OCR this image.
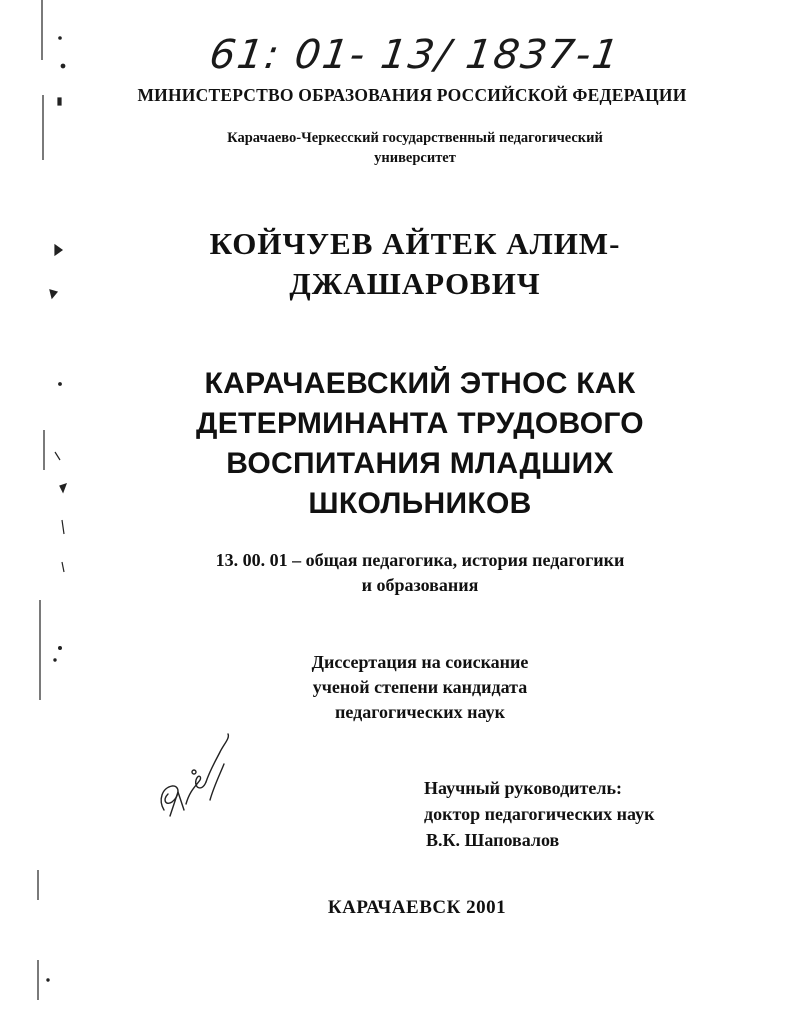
61: 01- 13/ 1837-1
МИНИСТЕРСТВО ОБРАЗОВАНИЯ РОССИЙСКОЙ ФЕДЕРАЦИИ
Карачаево-Черкесский государственный педагогический
университет
КОЙЧУЕВ АЙТЕК АЛИМ-
ДЖАШАРОВИЧ
КАРАЧАЕВСКИЙ ЭТНОС КАК
ДЕТЕРМИНАНТА ТРУДОВОГО
ВОСПИТАНИЯ МЛАДШИХ
ШКОЛЬНИКОВ
13. 00. 01 – общая педагогика, история педагогики
и образования
Диссертация на соискание
ученой степени кандидата
педагогических наук
Научный руководитель:
доктор педагогических наук
В.К. Шаповалов
КАРАЧАЕВСК 2001
